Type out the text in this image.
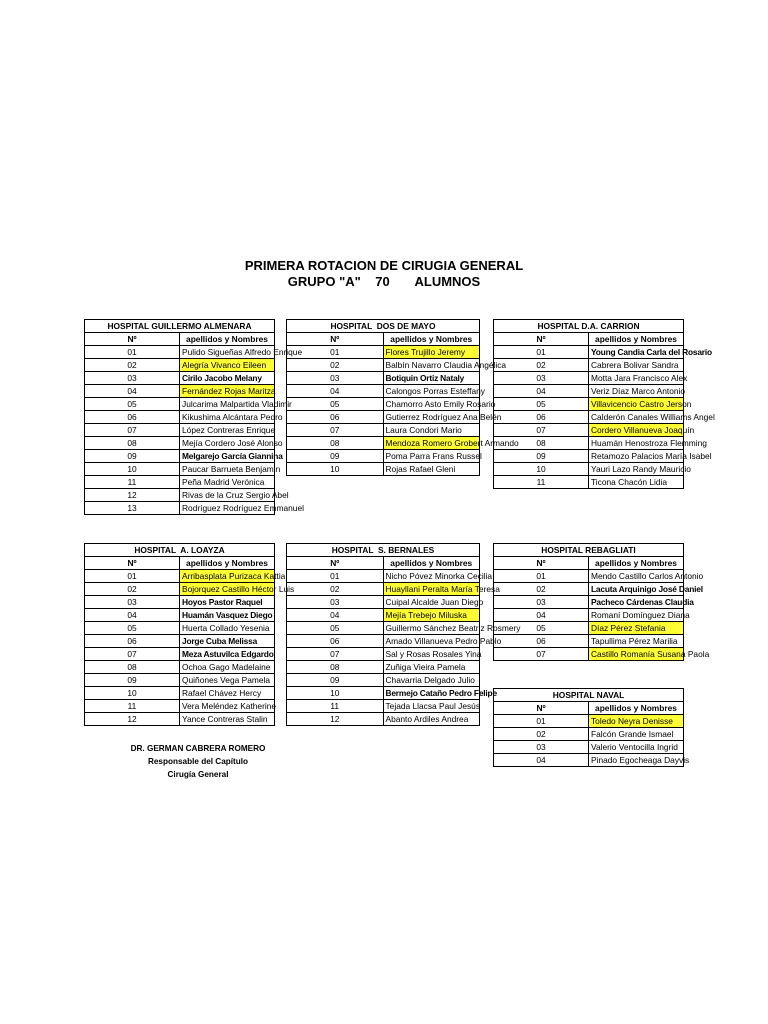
PRIMERA ROTACION DE CIRUGIA GENERAL
GRUPO "A"    70       ALUMNOS
HOSPITAL GUILLERMO ALMENARA	
Nº	apellidos y Nombres
01	Pulido Sigueñas Alfredo Enrique
02	Alegría Vivanco Eileen
03	Cirilo Jacobo Melany
04	Fernández Rojas Maritza
05	Julcarima Malpartida Vladimir
06	Kikushima Alcántara Pedro
07	López Contreras Enrique
08	Mejía Cordero José Alonso
09	Melgarejo García Giannina
10	Paucar Barrueta Benjamin
11	Peña Madrid Verónica
12	Rivas de la Cruz Sergio Abel
13	Rodríguez Rodríguez Emmanuel
HOSPITAL  DOS DE MAYO	
Nº	apellidos y Nombres
01	Flores Trujillo Jeremy
02	Balbín Navarro Claudia Angélica
03	Botiquin Ortiz Nataly
04	Calongos Porras Esteffany
05	Chamorro Asto Emily Rosario
06	Gutierrez Rodríguez Ana Belén
07	Laura Condori Mario
08	Mendoza Romero Grobert Armando
09	Poma Parra Frans Russel
10	Rojas Rafael Gleni
HOSPITAL D.A. CARRION	
Nº	apellidos y Nombres
01	Young Candia Carla del Rosario
02	Cabrera Bolivar Sandra
03	Motta Jara Francisco Alex
04	Veriz Díaz Marco Antonio
05	Villavicencio Castro Jerson
06	Calderón Canales Williams Angel
07	Cordero Villanueva Joaquín
08	Huamán Henostroza Flemming
09	Retamozo Palacios María Isabel
10	Yauri Lazo Randy Mauricio
11	Ticona Chacón Lidia
HOSPITAL  A. LOAYZA	
Nº	apellidos y Nombres
01	Arribasplata Purizaca Kattia
02	Bojorquez Castillo Héctor Luis
03	Hoyos Pastor Raquel
04	Huamán Vasquez Diego
05	Huerta Collado Yesenia
06	Jorge Cuba Melissa
07	Meza Astuvilca Edgardo
08	Ochoa Gago Madelaine
09	Quiñones Vega Pamela
10	Rafael Chávez Hercy
11	Vera Meléndez Katherine
12	Yance Contreras Stalin
HOSPITAL  S. BERNALES	
Nº	apellidos y Nombres
01	Nicho Póvez Minorka Cecilia
02	Huayllani Peralta María Teresa
03	Cuipal Alcalde Juan Diego
04	Mejía Trebejo Miluska
05	Guillermo Sánchez Beatriz Rosmery
06	Amado Villanueva Pedro Pablo
07	Sal y Rosas Rosales Yina
08	Zuñiga Vieira Pamela
09	Chavarria Delgado Julio
10	Bermejo Cataño Pedro Felipe
11	Tejada Llacsa Paul Jesús
12	Abanto Ardiles Andrea
HOSPITAL REBAGLIATI	
Nº	apellidos y Nombres
01	Mendo Castillo Carlos Antonio
02	Lacuta Arquinigo José Daniel
03	Pacheco Cárdenas Claudia
04	Romaní Domínguez Diana
05	Díaz Pérez Stefania
06	Tapullima Pérez Marilia
07	Castillo Romanía Susana Paola
HOSPITAL NAVAL	
Nº	apellidos y Nombres
01	Toledo Neyra Denisse
02	Falcón Grande Ismael
03	Valerio Ventocilla Ingrid
04	Pinado Egocheaga Dayvis
DR. GERMAN CABRERA ROMERO
Responsable del Capítulo
Cirugía General
